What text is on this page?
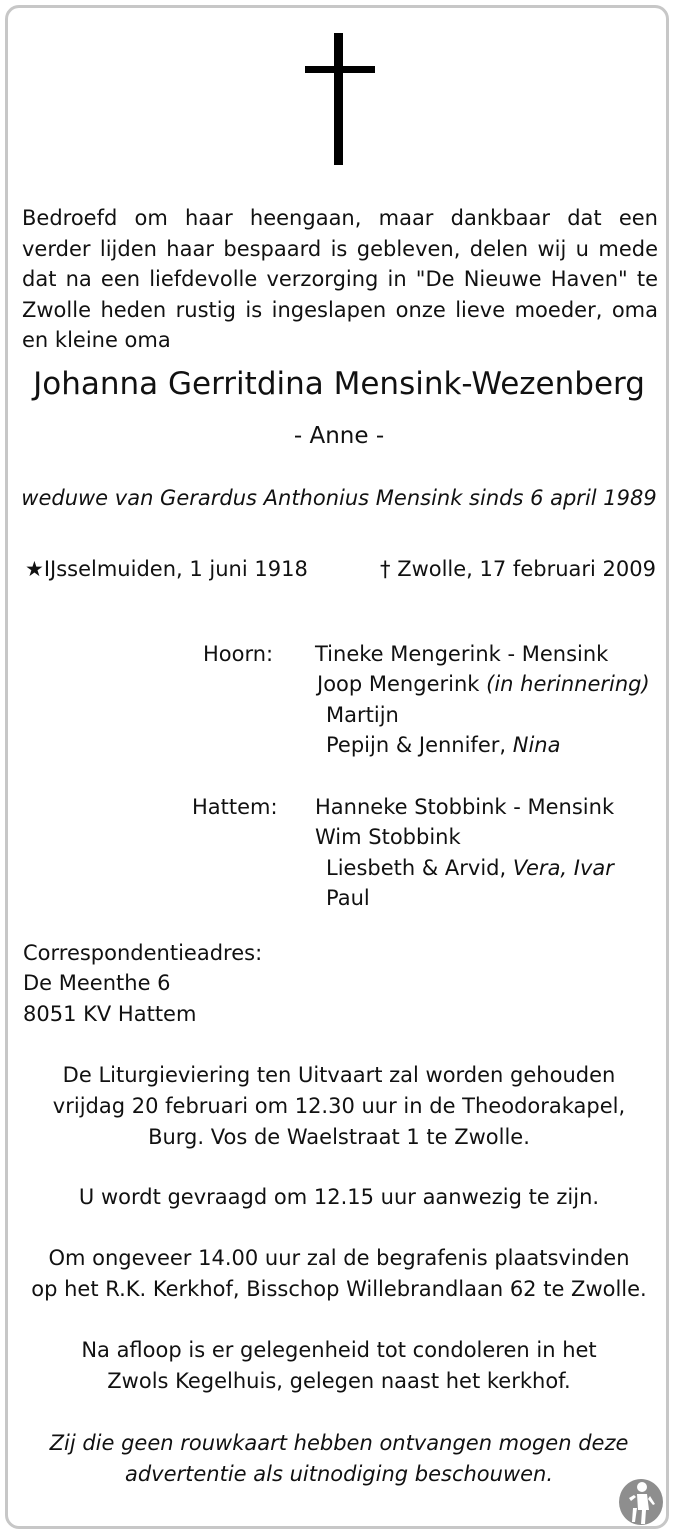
Bedroefd om haar heengaan, maar dankbaar dat een verder lijden haar bespaard is gebleven, delen wij u mede dat na een liefdevolle verzorging in "De Nieuwe Haven" te Zwolle heden rustig is ingeslapen onze lieve moeder, oma en kleine oma
Johanna Gerritdina Mensink-Wezenberg
- Anne -
weduwe van Gerardus Anthonius Mensink sinds 6 april 1989
★IJsselmuiden, 1 juni 1918	† Zwolle, 17 februari 2009
Hoorn: Tineke Mengerink - Mensink
Joop Mengerink (in herinnering)
Martijn
Pepijn & Jennifer, Nina
Hattem: Hanneke Stobbink - Mensink
Wim Stobbink
Liesbeth & Arvid, Vera, Ivar
Paul
Correspondentieadres:
De Meenthe 6
8051 KV Hattem
De Liturgieviering ten Uitvaart zal worden gehouden
vrijdag 20 februari om 12.30 uur in de Theodorakapel,
Burg. Vos de Waelstraat 1 te Zwolle.
U wordt gevraagd om 12.15 uur aanwezig te zijn.
Om ongeveer 14.00 uur zal de begrafenis plaatsvinden
op het R.K. Kerkhof, Bisschop Willebrandlaan 62 te Zwolle.
Na afloop is er gelegenheid tot condoleren in het
Zwols Kegelhuis, gelegen naast het kerkhof.
Zij die geen rouwkaart hebben ontvangen mogen deze
advertentie als uitnodiging beschouwen.
